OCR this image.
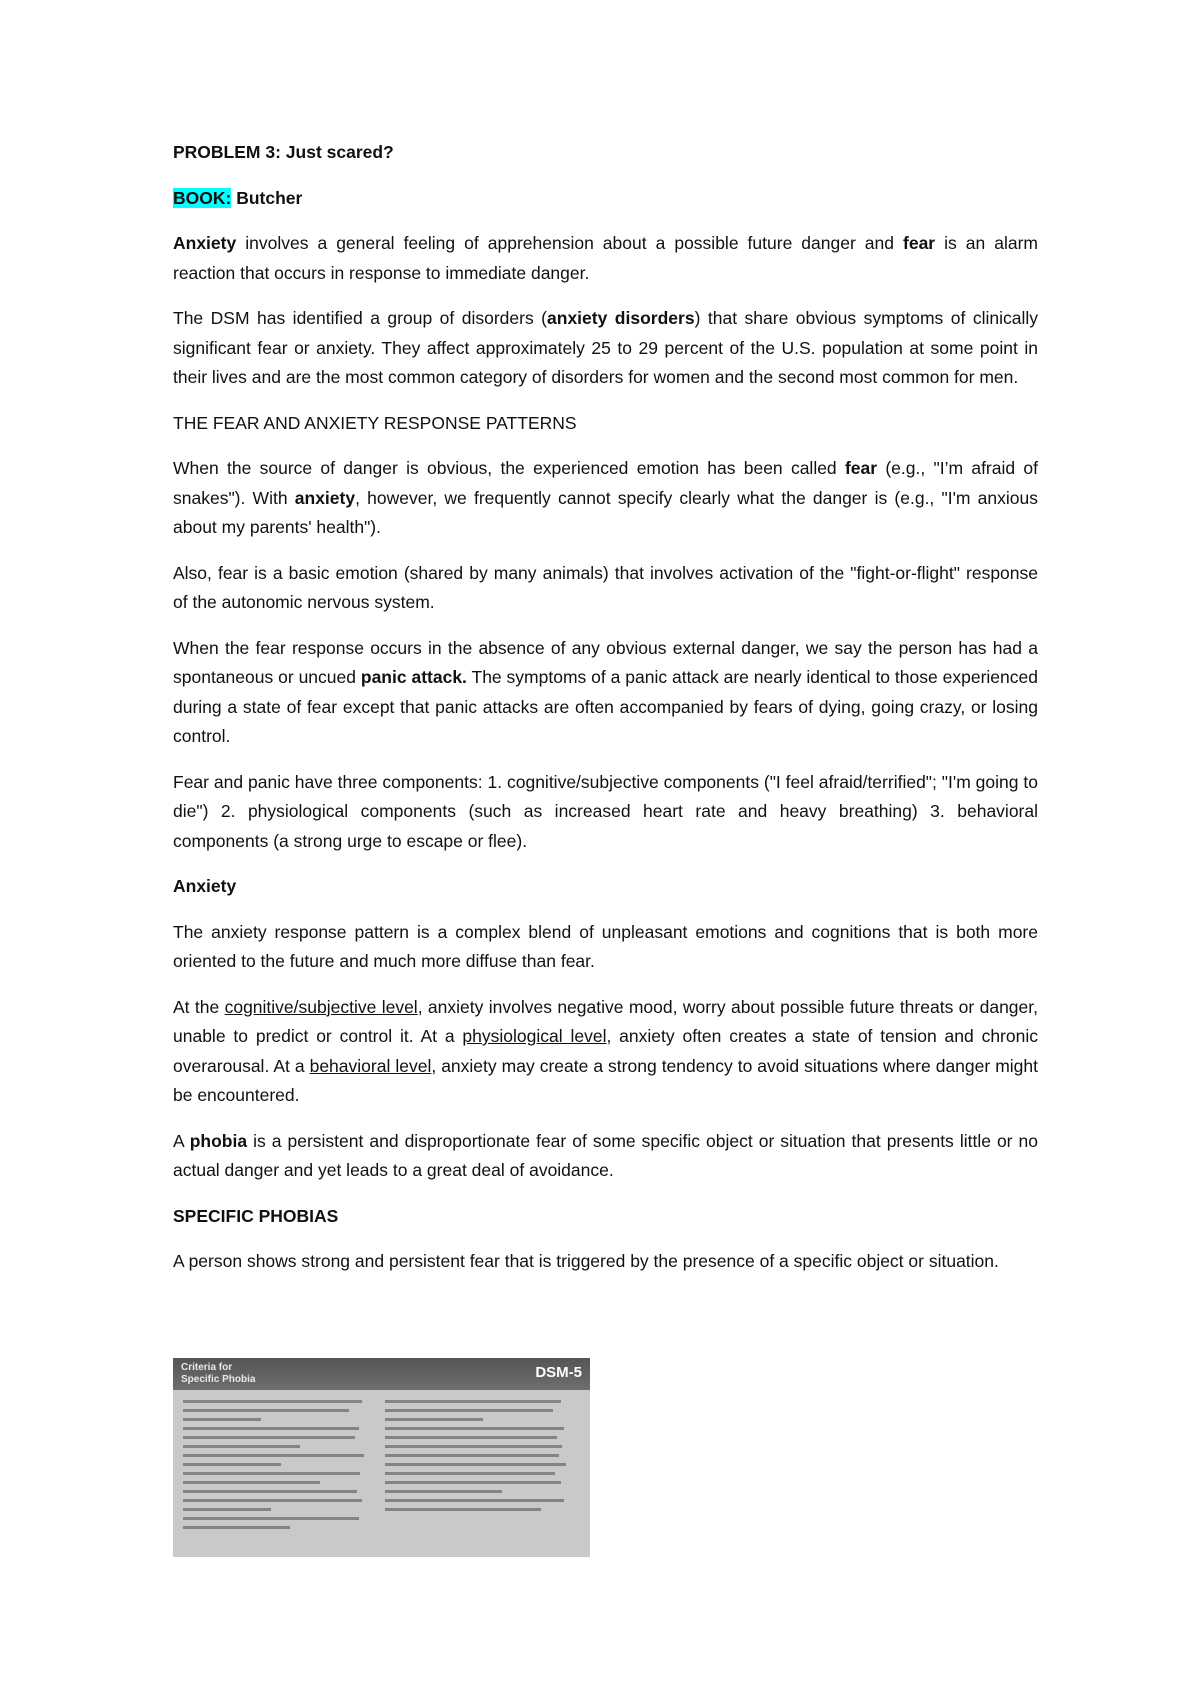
PROBLEM 3: Just scared?

BOOK: Butcher

Anxiety involves a general feeling of apprehension about a possible future danger and fear is an alarm reaction that occurs in response to immediate danger.

The DSM has identified a group of disorders (anxiety disorders) that share obvious symptoms of clinically significant fear or anxiety. They affect approximately 25 to 29 percent of the U.S. population at some point in their lives and are the most common category of disorders for women and the second most common for men.

THE FEAR AND ANXIETY RESPONSE PATTERNS

When the source of danger is obvious, the experienced emotion has been called fear (e.g., "I’m afraid of snakes"). With anxiety, however, we frequently cannot specify clearly what the danger is (e.g., "I'm anxious about my parents' health").

Also, fear is a basic emotion (shared by many animals) that involves activation of the "fight-or-flight" response of the autonomic nervous system.

When the fear response occurs in the absence of any obvious external danger, we say the person has had a spontaneous or uncued panic attack. The symptoms of a panic attack are nearly identical to those experienced during a state of fear except that panic attacks are often accompanied by fears of dying, going crazy, or losing control.

Fear and panic have three components: 1. cognitive/subjective components ("I feel afraid/terrified"; "I'm going to die") 2. physiological components (such as increased heart rate and heavy breathing) 3. behavioral components (a strong urge to escape or flee).

Anxiety

The anxiety response pattern is a complex blend of unpleasant emotions and cognitions that is both more oriented to the future and much more diffuse than fear.

At the cognitive/subjective level, anxiety involves negative mood, worry about possible future threats or danger, unable to predict or control it. At a physiological level, anxiety often creates a state of tension and chronic overarousal. At a behavioral level, anxiety may create a strong tendency to avoid situations where danger might be encountered.

A phobia is a persistent and disproportionate fear of some specific object or situation that presents little or no actual danger and yet leads to a great deal of avoidance.

SPECIFIC PHOBIAS

A person shows strong and persistent fear that is triggered by the presence of a specific object or situation.

Criteria for
Specific Phobia	DSM-5
